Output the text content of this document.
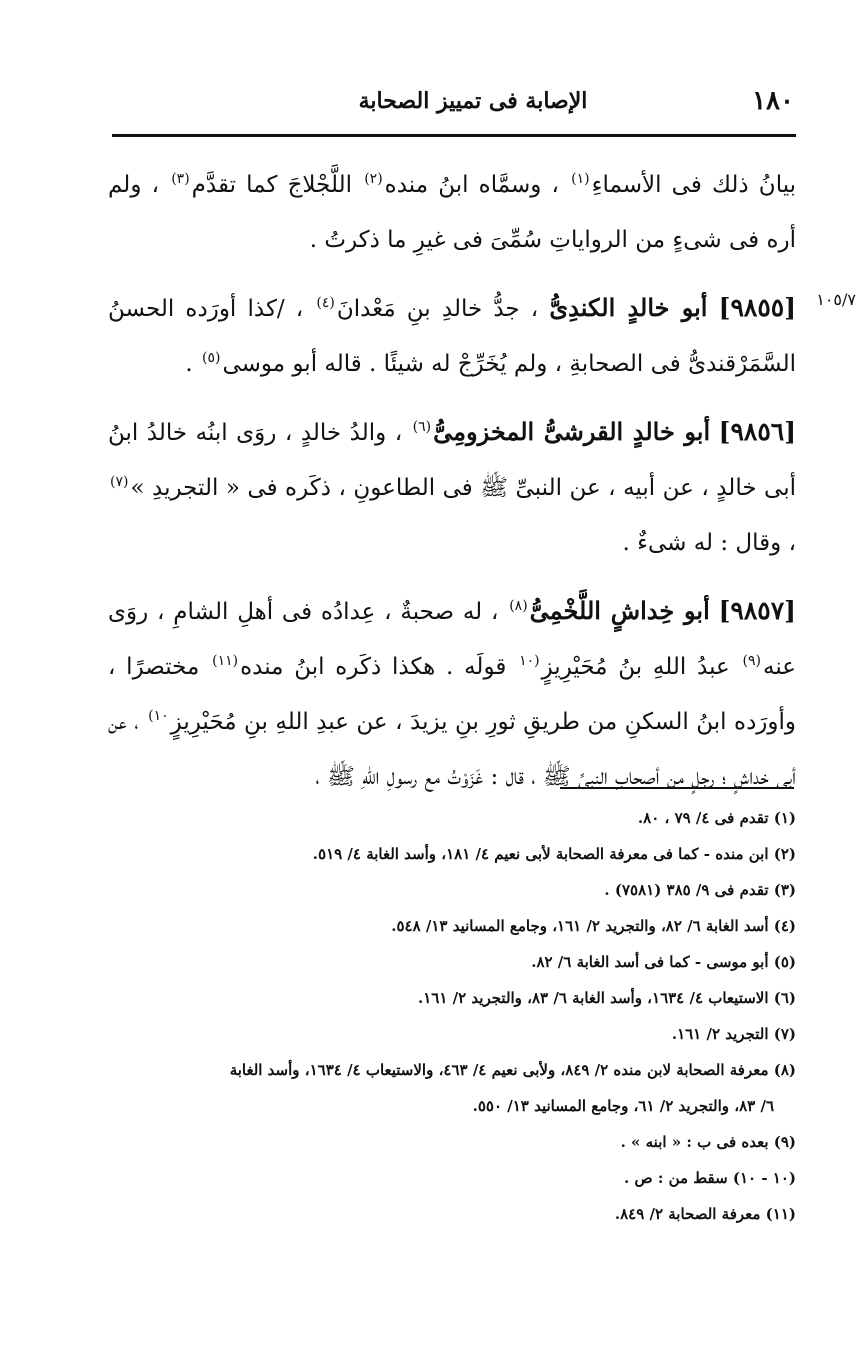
١٨٠
الإصابة فى تمييز الصحابة
١٠٥/٧

بيانُ ذلك فى الأسماءِ$^{(١)}$ ، وسمَّاه ابنُ منده$^{(٢)}$ اللَّجْلاجَ كما تقدَّم$^{(٣)}$ ، ولم أره فى شىءٍ من الرواياتِ سُمِّىَ فى غيرِ ما ذكرتُ .

[٩٨٥٥] أبو خالدٍ الكندِىُّ ، جدُّ خالدِ بنِ مَعْدانَ$^{(٤)}$ ، /كذا أورَده الحسنُ السَّمَرْقندىُّ فى الصحابةِ ، ولم يُخَرِّجْ له شيئًا . قاله أبو موسى$^{(٥)}$ .

[٩٨٥٦] أبو خالدٍ القرشىُّ المخزومِىُّ$^{(٦)}$ ، والدُ خالدٍ ، روَى ابنُه خالدُ ابنُ أبى خالدٍ ، عن أبيه ، عن النبىِّ ﷺ فى الطاعونِ ، ذكَره فى « التجريدِ »$^{(٧)}$ ، وقال : له شىءٌ .

[٩٨٥٧] أبو خِداشٍ اللَّخْمِىُّ$^{(٨)}$ ، له صحبةٌ ، عِدادُه فى أهلِ الشامِ ، روَى عنه$^{(٩)}$ عبدُ اللهِ بنُ مُحَيْرِيزٍ$^{(١٠}$ قولَه . هكذا ذكَره ابنُ منده$^{(١١)}$ مختصرًا ، وأورَده ابنُ السكنِ من طريقِ ثورِ بنِ يزيدَ ، عن عبدِ اللهِ بنِ مُحَيْرِيزٍ$^{١٠)}$ ، عن أبى خِداشٍ ؛ رجلٍ من أصحابِ النبىِّ ﷺ ، قال : غَزَوْتُ مع رسولِ اللهِ ﷺ ،

(١) تقدم فى ٤/ ٧٩ ، ٨٠.

(٢) ابن منده - كما فى معرفة الصحابة لأبى نعيم ٤/ ١٨١، وأسد الغابة ٤/ ٥١٩.

(٣) تقدم فى ٩/ ٣٨٥ (٧٥٨١) .

(٤) أسد الغابة ٦/ ٨٢، والتجريد ٢/ ١٦١، وجامع المسانيد ١٣/ ٥٤٨.

(٥) أبو موسى - كما فى أسد الغابة ٦/ ٨٢.

(٦) الاستيعاب ٤/ ١٦٣٤، وأسد الغابة ٦/ ٨٣، والتجريد ٢/ ١٦١.

(٧) التجريد ٢/ ١٦١.

(٨) معرفة الصحابة لابن منده ٢/ ٨٤٩، ولأبى نعيم ٤/ ٤٦٣، والاستيعاب ٤/ ١٦٣٤، وأسد الغابة

٦/ ٨٣، والتجريد ٢/ ٦١، وجامع المسانيد ١٣/ ٥٥٠.

(٩) بعده فى ب : « ابنه » .

(١٠ - ١٠) سقط من : ص .

(١١) معرفة الصحابة ٢/ ٨٤٩.
